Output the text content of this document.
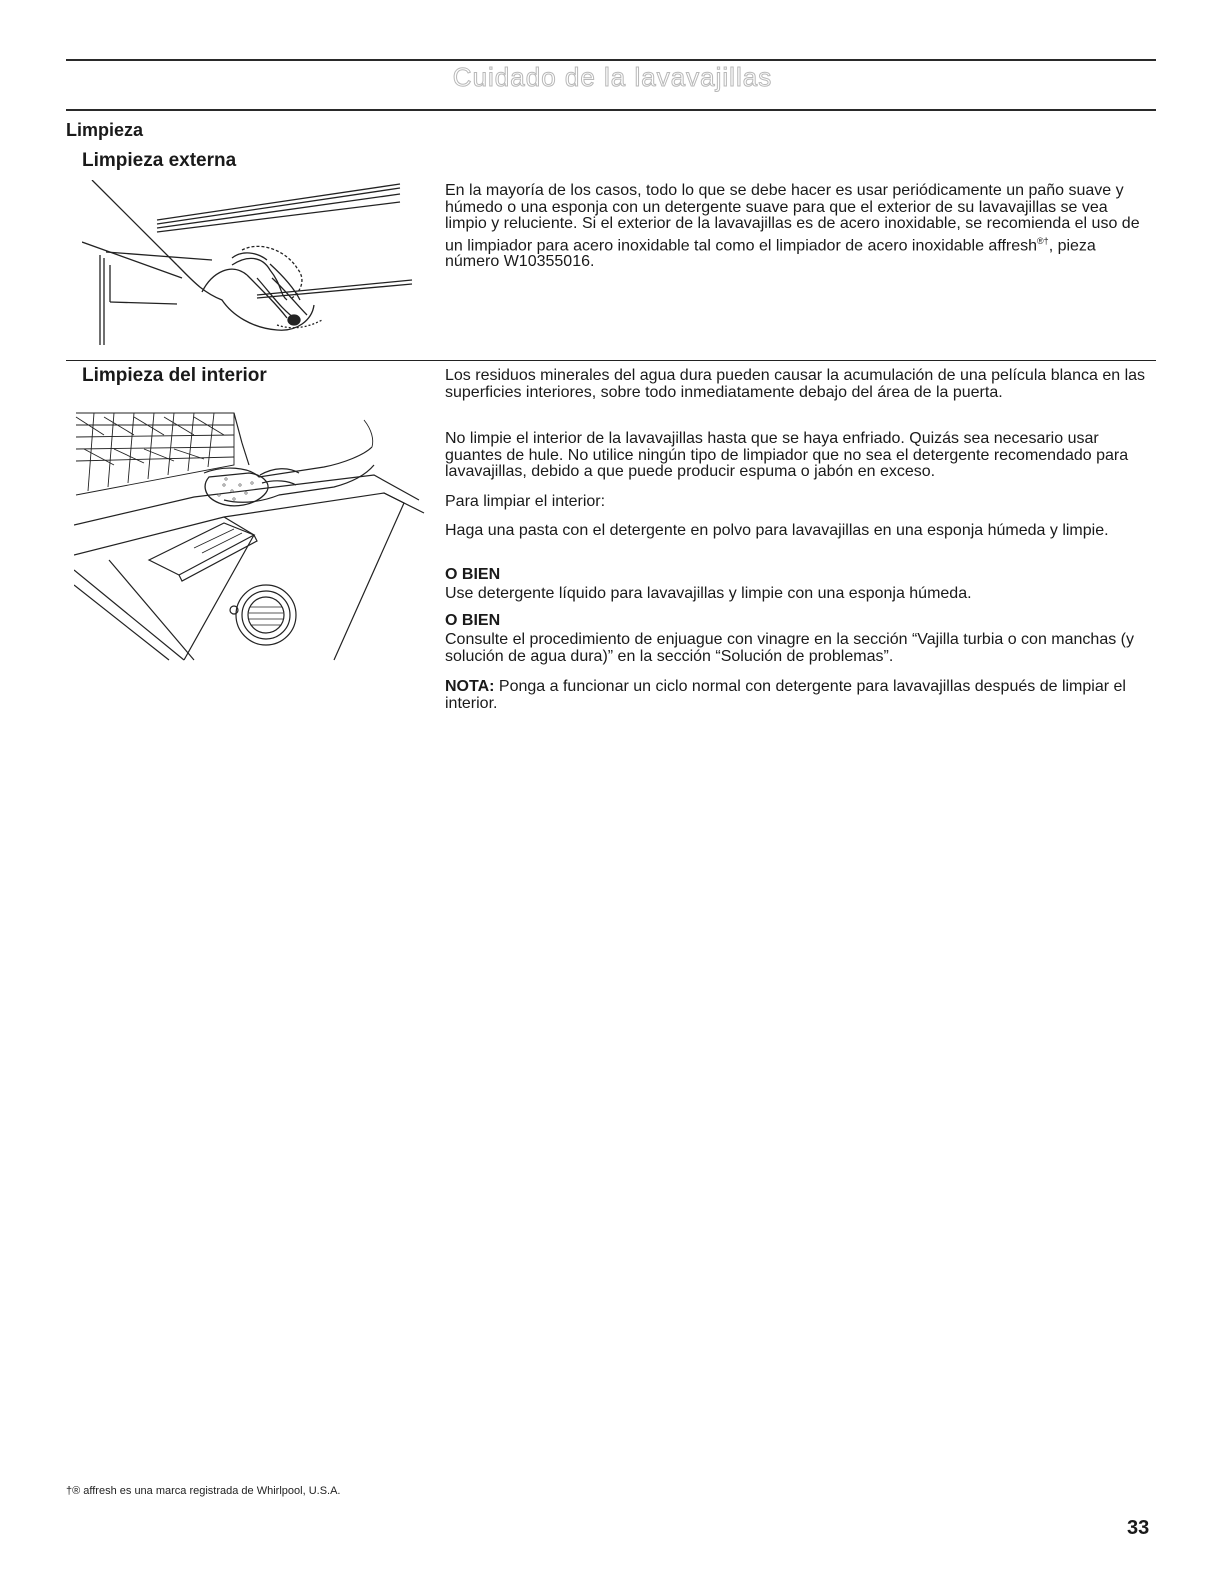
Cuidado de la lavavajillas
Limpieza
Limpieza externa

En la mayoría de los casos, todo lo que se debe hacer es usar periódicamente un paño suave y húmedo o una esponja con un detergente suave para que el exterior de su lavavajillas se vea limpio y reluciente. Si el exterior de la lavavajillas es de acero inoxidable, se recomienda el uso de un limpiador para acero inoxidable tal como el limpiador de acero inoxidable affresh®†, pieza número W10355016.

Limpieza del interior	Los residuos minerales del agua dura pueden causar la acumulación de una película blanca en las superficies interiores, sobre todo inmediatamente debajo del área de la puerta.

No limpie el interior de la lavavajillas hasta que se haya enfriado. Quizás sea necesario usar guantes de hule. No utilice ningún tipo de limpiador que no sea el detergente recomendado para lavavajillas, debido a que puede producir espuma o jabón en exceso.

Para limpiar el interior:

Haga una pasta con el detergente en polvo para lavavajillas en una esponja húmeda y limpie.

O BIEN

Use detergente líquido para lavavajillas y limpie con una esponja húmeda.

O BIEN

Consulte el procedimiento de enjuague con vinagre en la sección “Vajilla turbia o con manchas (y solución de agua dura)” en la sección “Solución de problemas”.

NOTA: Ponga a funcionar un ciclo normal con detergente para lavavajillas después de limpiar el interior.

†® affresh es una marca registrada de Whirlpool, U.S.A.
33
